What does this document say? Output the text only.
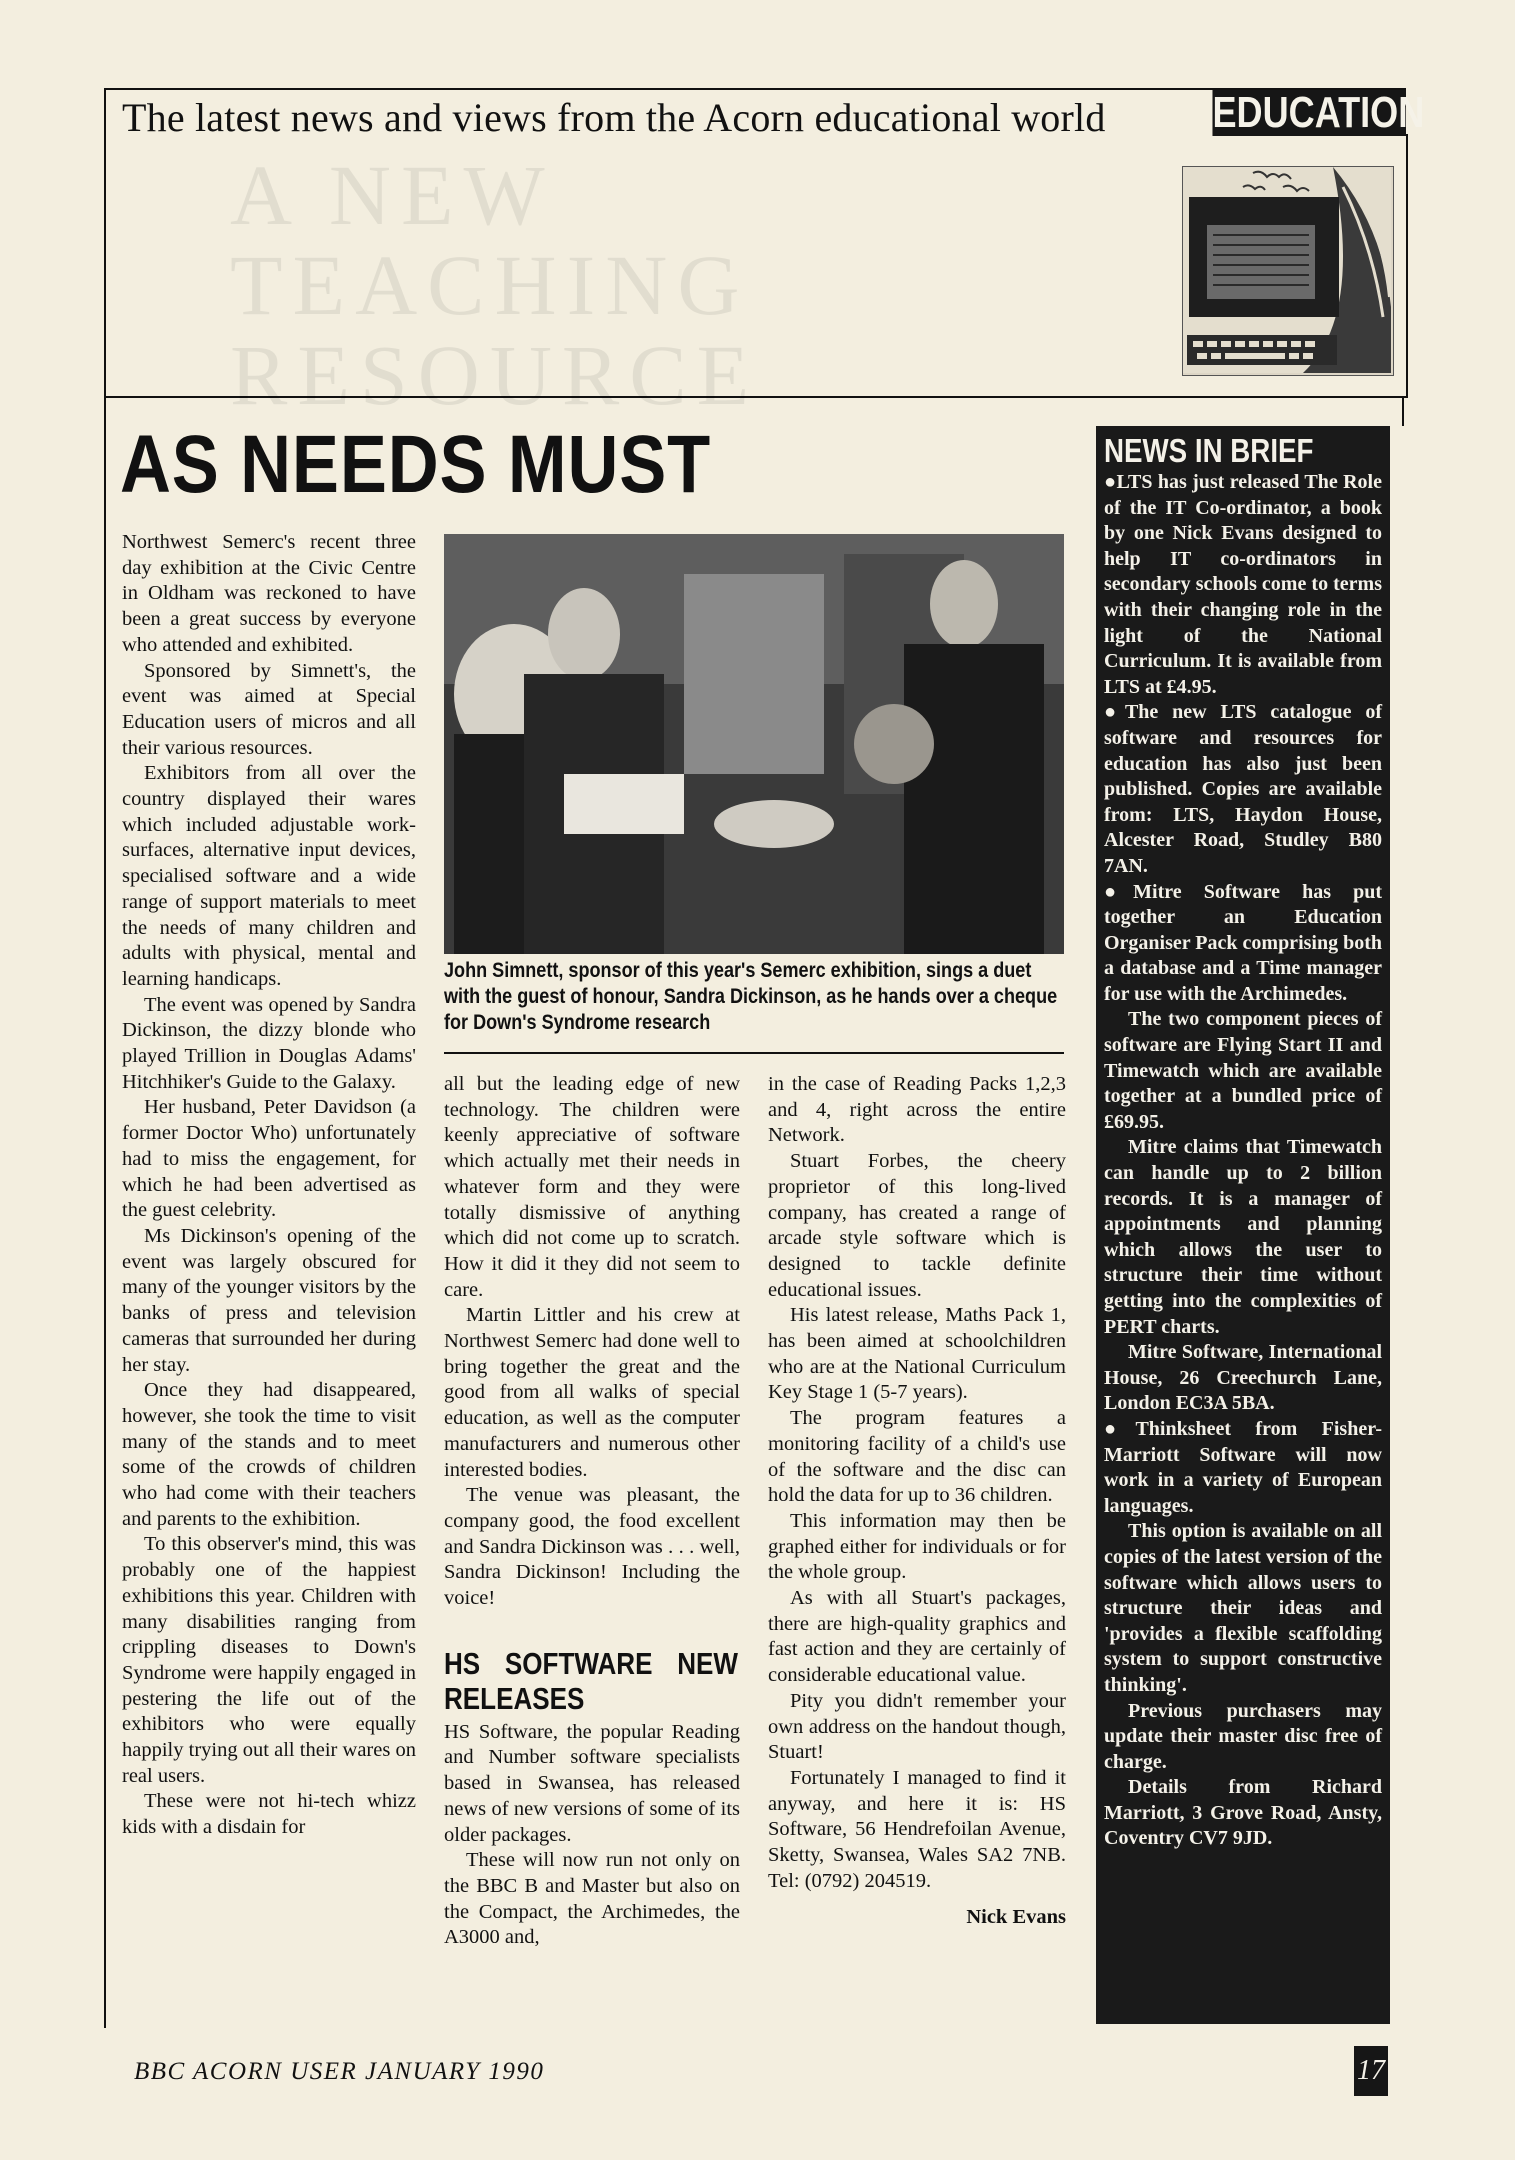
The latest news and views from the Acorn educational world EDUCATION
A NEW
TEACHING
RESOURCE
AS NEEDS MUST

Northwest Semerc's recent three day exhibition at the Civic Centre in Oldham was reckoned to have been a great success by everyone who attended and exhibited.

Sponsored by Simnett's, the event was aimed at Special Education users of micros and all their various resources.

Exhibitors from all over the country displayed their wares which included adjustable work-surfaces, alternative input devices, specialised software and a wide range of support materials to meet the needs of many children and adults with physical, mental and learning handicaps.

The event was opened by Sandra Dickinson, the dizzy blonde who played Trillion in Douglas Adams' Hitchhiker's Guide to the Galaxy.

Her husband, Peter Davidson (a former Doctor Who) unfortunately had to miss the engagement, for which he had been advertised as the guest celebrity.

Ms Dickinson's opening of the event was largely obscured for many of the younger visitors by the banks of press and television cameras that surrounded her during her stay.

Once they had disappeared, however, she took the time to visit many of the stands and to meet some of the crowds of children who had come with their teachers and parents to the exhibition.

To this observer's mind, this was probably one of the happiest exhibitions this year. Children with many disabilities ranging from crippling diseases to Down's Syndrome were happily engaged in pestering the life out of the exhibitors who were equally happily trying out all their wares on real users.

These were not hi-tech whizz kids with a disdain for

John Simnett, sponsor of this year's Semerc exhibition, sings a duet with the guest of honour, Sandra Dickinson, as he hands over a cheque for Down's Syndrome research

all but the leading edge of new technology. The children were keenly appreciative of software which actually met their needs in whatever form and they were totally dismissive of anything which did not come up to scratch. How it did it they did not seem to care.

Martin Littler and his crew at Northwest Semerc had done well to bring together the great and the good from all walks of special education, as well as the computer manufacturers and numerous other interested bodies.

The venue was pleasant, the company good, the food excellent and Sandra Dickinson was . . . well, Sandra Dickinson! Including the voice!

HS SOFTWARE NEW RELEASES

HS Software, the popular Reading and Number software specialists based in Swansea, has released news of new versions of some of its older packages.

These will now run not only on the BBC B and Master but also on the Compact, the Archimedes, the A3000 and,

in the case of Reading Packs 1,2,3 and 4, right across the entire Network.

Stuart Forbes, the cheery proprietor of this long-lived company, has created a range of arcade style software which is designed to tackle definite educational issues.

His latest release, Maths Pack 1, has been aimed at schoolchildren who are at the National Curriculum Key Stage 1 (5-7 years).

The program features a monitoring facility of a child's use of the software and the disc can hold the data for up to 36 children.

This information may then be graphed either for individuals or for the whole group.

As with all Stuart's packages, there are high-quality graphics and fast action and they are certainly of considerable educational value.

Pity you didn't remember your own address on the handout though, Stuart!

Fortunately I managed to find it anyway, and here it is: HS Software, 56 Hendrefoilan Avenue, Sketty, Swansea, Wales SA2 7NB. Tel: (0792) 204519.

Nick Evans
NEWS IN BRIEF

●LTS has just released The Role of the IT Co-ordinator, a book by one Nick Evans designed to help IT co-ordinators in secondary schools come to terms with their changing role in the light of the National Curriculum. It is available from LTS at £4.95.

●The new LTS catalogue of software and resources for education has also just been published. Copies are available from: LTS, Haydon House, Alcester Road, Studley B80 7AN.

●Mitre Software has put together an Education Organiser Pack comprising both a database and a Time manager for use with the Archimedes.

The two component pieces of software are Flying Start II and Timewatch which are available together at a bundled price of £69.95.

Mitre claims that Timewatch can handle up to 2 billion records. It is a manager of appointments and planning which allows the user to structure their time without getting into the complexities of PERT charts.

Mitre Software, International House, 26 Creechurch Lane, London EC3A 5BA.

●Thinksheet from Fisher-Marriott Software will now work in a variety of European languages.

This option is available on all copies of the latest version of the software which allows users to structure their ideas and 'provides a flexible scaffolding system to support constructive thinking'.

Previous purchasers may update their master disc free of charge.

Details from Richard Marriott, 3 Grove Road, Ansty, Coventry CV7 9JD.

BBC ACORN USER JANUARY 1990	17
